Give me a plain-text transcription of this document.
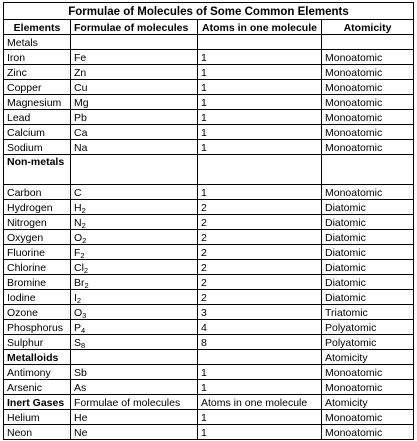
Formulae of Molecules of Some Common Elements			
Elements	Formulae of molecules	Atoms in one molecule	Atomicity
Metals			
Iron	Fe	1	Monoatomic
Zinc	Zn	1	Monoatomic
Copper	Cu	1	Monoatomic
Magnesium	Mg	1	Monoatomic
Lead	Pb	1	Monoatomic
Calcium	Ca	1	Monoatomic
Sodium	Na	1	Monoatomic
Non-metals			
Carbon	C	1	Monoatomic
Hydrogen	$H_2$	2	Diatomic
Nitrogen	$N_2$	2	Diatomic
Oxygen	$O_2$	2	Diatomic
Fluorine	$F_2$	2	Diatomic
Chlorine	$Cl_2$	2	Diatomic
Bromine	$Br_2$	2	Diatomic
Iodine	$I_2$	2	Diatomic
Ozone	$O_3$	3	Triatomic
Phosphorus	$P_4$	4	Polyatomic
Sulphur	$S_8$	8	Polyatomic
Metalloids			Atomicity
Antimony	Sb	1	Monoatomic
Arsenic	As	1	Monoatomic
Inert Gases	Formulae of molecules	Atoms in one molecule	Atomicity
Helium	He	1	Monoatomic
Neon	Ne	1	Monoatomic
